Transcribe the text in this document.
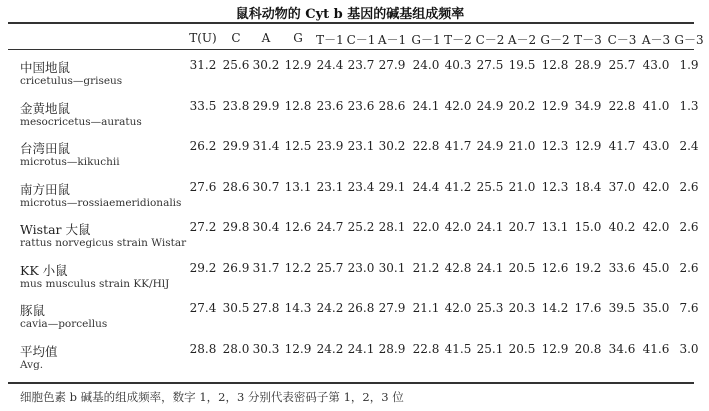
鼠科动物的 Cyt b 基因的碱基组成频率
T(U)	C	A	G	T－1 C－1 A－1 G－1 T－2 C－2 A－2 G－2 T－3 C－3 A－3 G－3
中国地鼠
cricetulus—griseus
31.2 25.6 30.2 12.9 24.4 23.7 27.9 24.0 40.3 27.5 19.5 12.8 28.9 25.7 43.0 1.9
金黄地鼠
mesocricetus—auratus
33.5 23.8 29.9 12.8 23.6 23.6 28.6 24.1 42.0 24.9 20.2 12.9 34.9 22.8 41.0 1.3
台湾田鼠
microtus—kikuchii
26.2 29.9 31.4 12.5 23.9 23.1 30.2 22.8 41.7 24.9 21.0 12.3 12.9 41.7 43.0 2.4
南方田鼠
microtus—rossiaemeridionalis
27.6 28.6 30.7 13.1 23.1 23.4 29.1 24.4 41.2 25.5 21.0 12.3 18.4 37.0 42.0 2.6
Wistar 大鼠
rattus norvegicus strain Wistar
27.2 29.8 30.4 12.6 24.7 25.2 28.1 22.0 42.0 24.1 20.7 13.1 15.0 40.2 42.0 2.6
KK 小鼠
mus musculus strain KK/HlJ
29.2 26.9 31.7 12.2 25.7 23.0 30.1 21.2 42.8 24.1 20.5 12.6 19.2 33.6 45.0 2.6
豚鼠
cavia—porcellus
27.4 30.5 27.8 14.3 24.2 26.8 27.9 21.1 42.0 25.3 20.3 14.2 17.6 39.5 35.0 7.6
平均值
Avg.
28.8 28.0 30.3 12.9 24.2 24.1 28.9 22.8 41.5 25.1 20.5 12.9 20.8 34.6 41.6 3.0
细胞色素 b 碱基的组成频率，数字 1，2，3 分别代表密码子第 1，2，3 位
